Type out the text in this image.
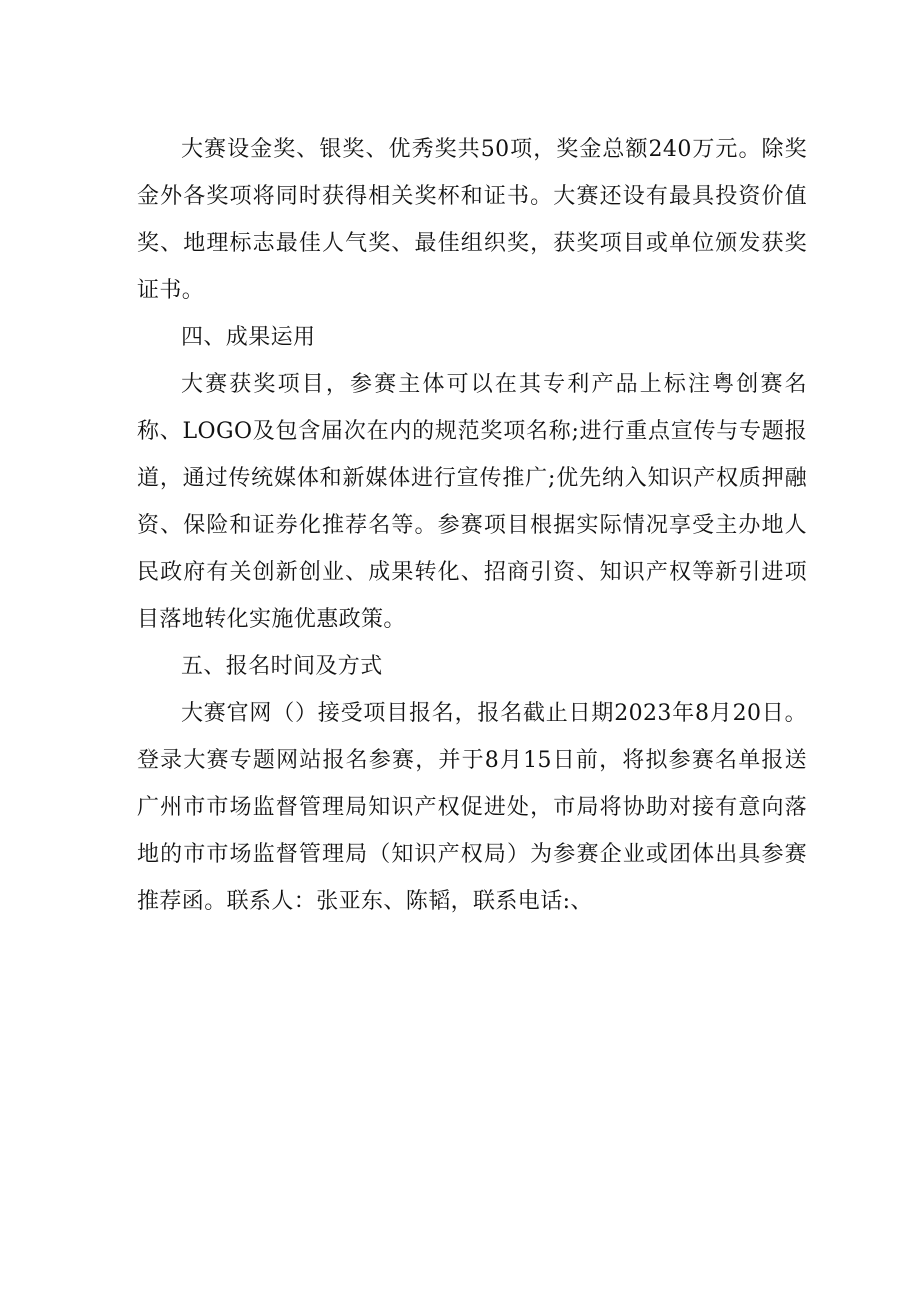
大赛设金奖、银奖、优秀奖共50项，奖金总额240万元。除奖金外各奖项将同时获得相关奖杯和证书。大赛还设有最具投资价值奖、地理标志最佳人气奖、最佳组织奖，获奖项目或单位颁发获奖证书。

四、成果运用

大赛获奖项目，参赛主体可以在其专利产品上标注粤创赛名称、LOGO及包含届次在内的规范奖项名称;进行重点宣传与专题报道，通过传统媒体和新媒体进行宣传推广;优先纳入知识产权质押融资、保险和证券化推荐名等。参赛项目根据实际情况享受主办地人民政府有关创新创业、成果转化、招商引资、知识产权等新引进项目落地转化实施优惠政策。

五、报名时间及方式

大赛官网（）接受项目报名，报名截止日期2023年8月20日。登录大赛专题网站报名参赛，并于8月15日前，将拟参赛名单报送广州市市场监督管理局知识产权促进处，市局将协助对接有意向落地的市市场监督管理局（知识产权局）为参赛企业或团体出具参赛推荐函。联系人：张亚东、陈韬，联系电话:、
